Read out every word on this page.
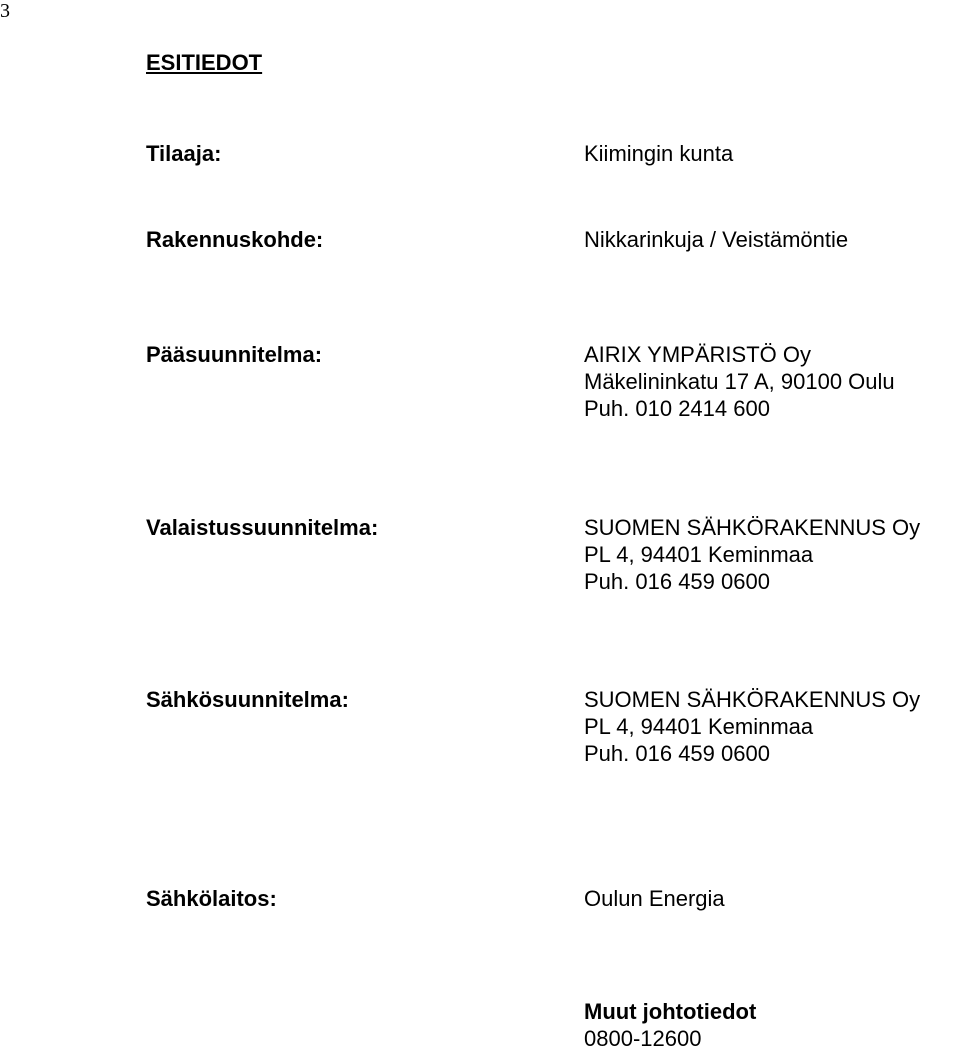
3
ESITIEDOT
Tilaaja:	Kiimingin kunta
Rakennuskohde:	Nikkarinkuja / Veistämöntie
Pääsuunnitelma:	AIRIX YMPÄRISTÖ Oy
Mäkelininkatu 17 A, 90100 Oulu
Puh. 010 2414 600
Valaistussuunnitelma:	SUOMEN SÄHKÖRAKENNUS Oy
PL 4, 94401 Keminmaa
Puh. 016 459 0600
Sähkösuunnitelma:	SUOMEN SÄHKÖRAKENNUS Oy
PL 4, 94401 Keminmaa
Puh. 016 459 0600
Sähkölaitos:	Oulun Energia
Muut johtotiedot
0800-12600
